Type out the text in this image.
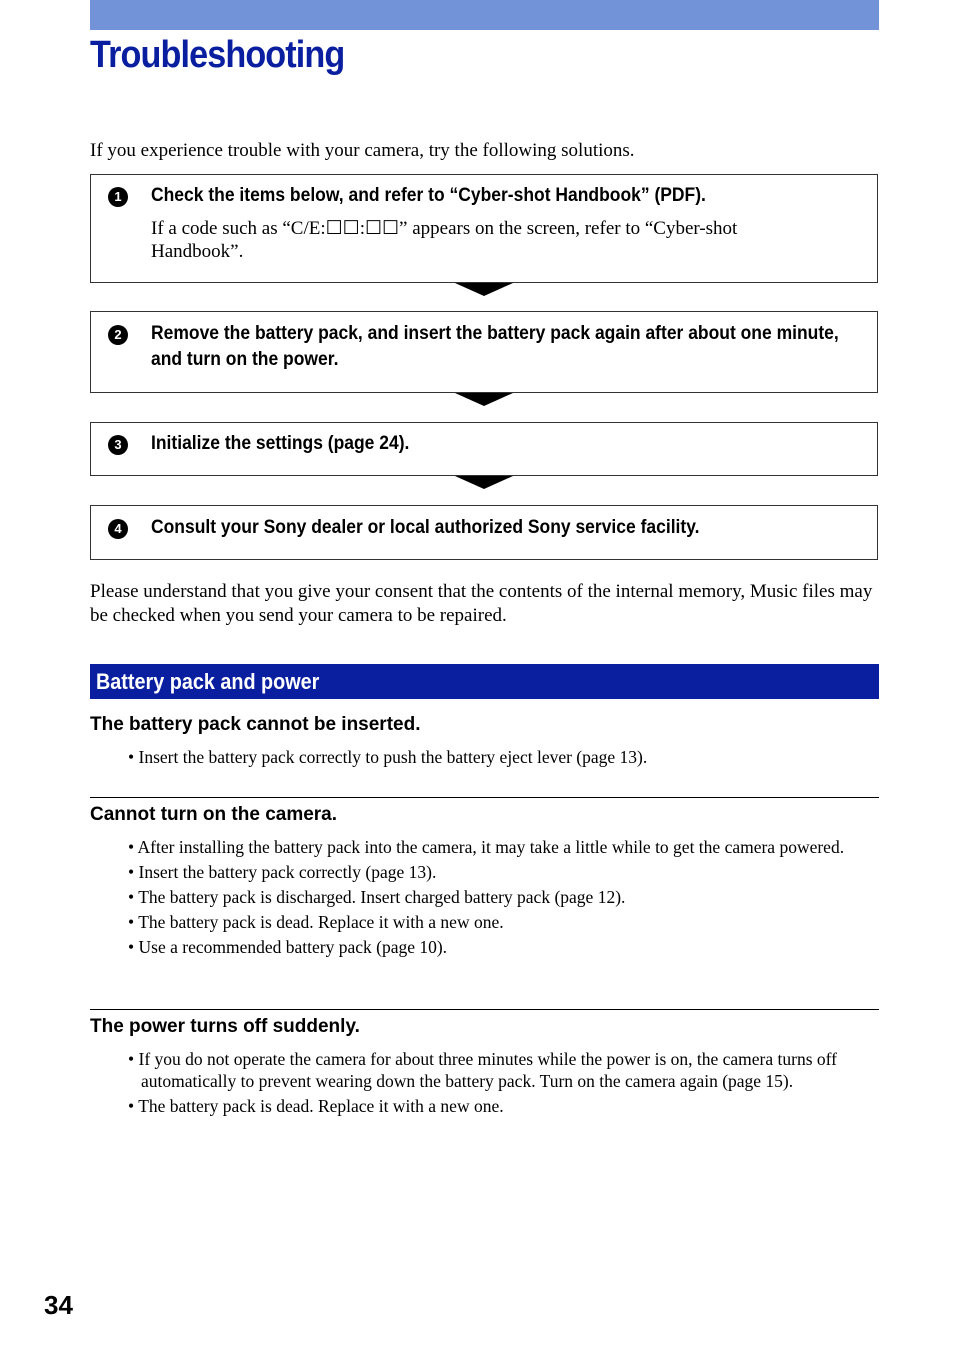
Troubleshooting
If you experience trouble with your camera, try the following solutions.
1	Check the items below, and refer to “Cyber-shot Handbook” (PDF).
If a code such as “C/E:☐☐:☐☐” appears on the screen, refer to “Cyber-shot Handbook”.
2	Remove the battery pack, and insert the battery pack again after about one minute, and turn on the power.
3	Initialize the settings (page 24).
4	Consult your Sony dealer or local authorized Sony service facility.
Please understand that you give your consent that the contents of the internal memory, Music files may be checked when you send your camera to be repaired.
Battery pack and power
The battery pack cannot be inserted.
• Insert the battery pack correctly to push the battery eject lever (page 13).
Cannot turn on the camera.
• After installing the battery pack into the camera, it may take a little while to get the camera powered.
• Insert the battery pack correctly (page 13).
• The battery pack is discharged. Insert charged battery pack (page 12).
• The battery pack is dead. Replace it with a new one.
• Use a recommended battery pack (page 10).
The power turns off suddenly.
• If you do not operate the camera for about three minutes while the power is on, the camera turns off automatically to prevent wearing down the battery pack. Turn on the camera again (page 15).
• The battery pack is dead. Replace it with a new one.
34
